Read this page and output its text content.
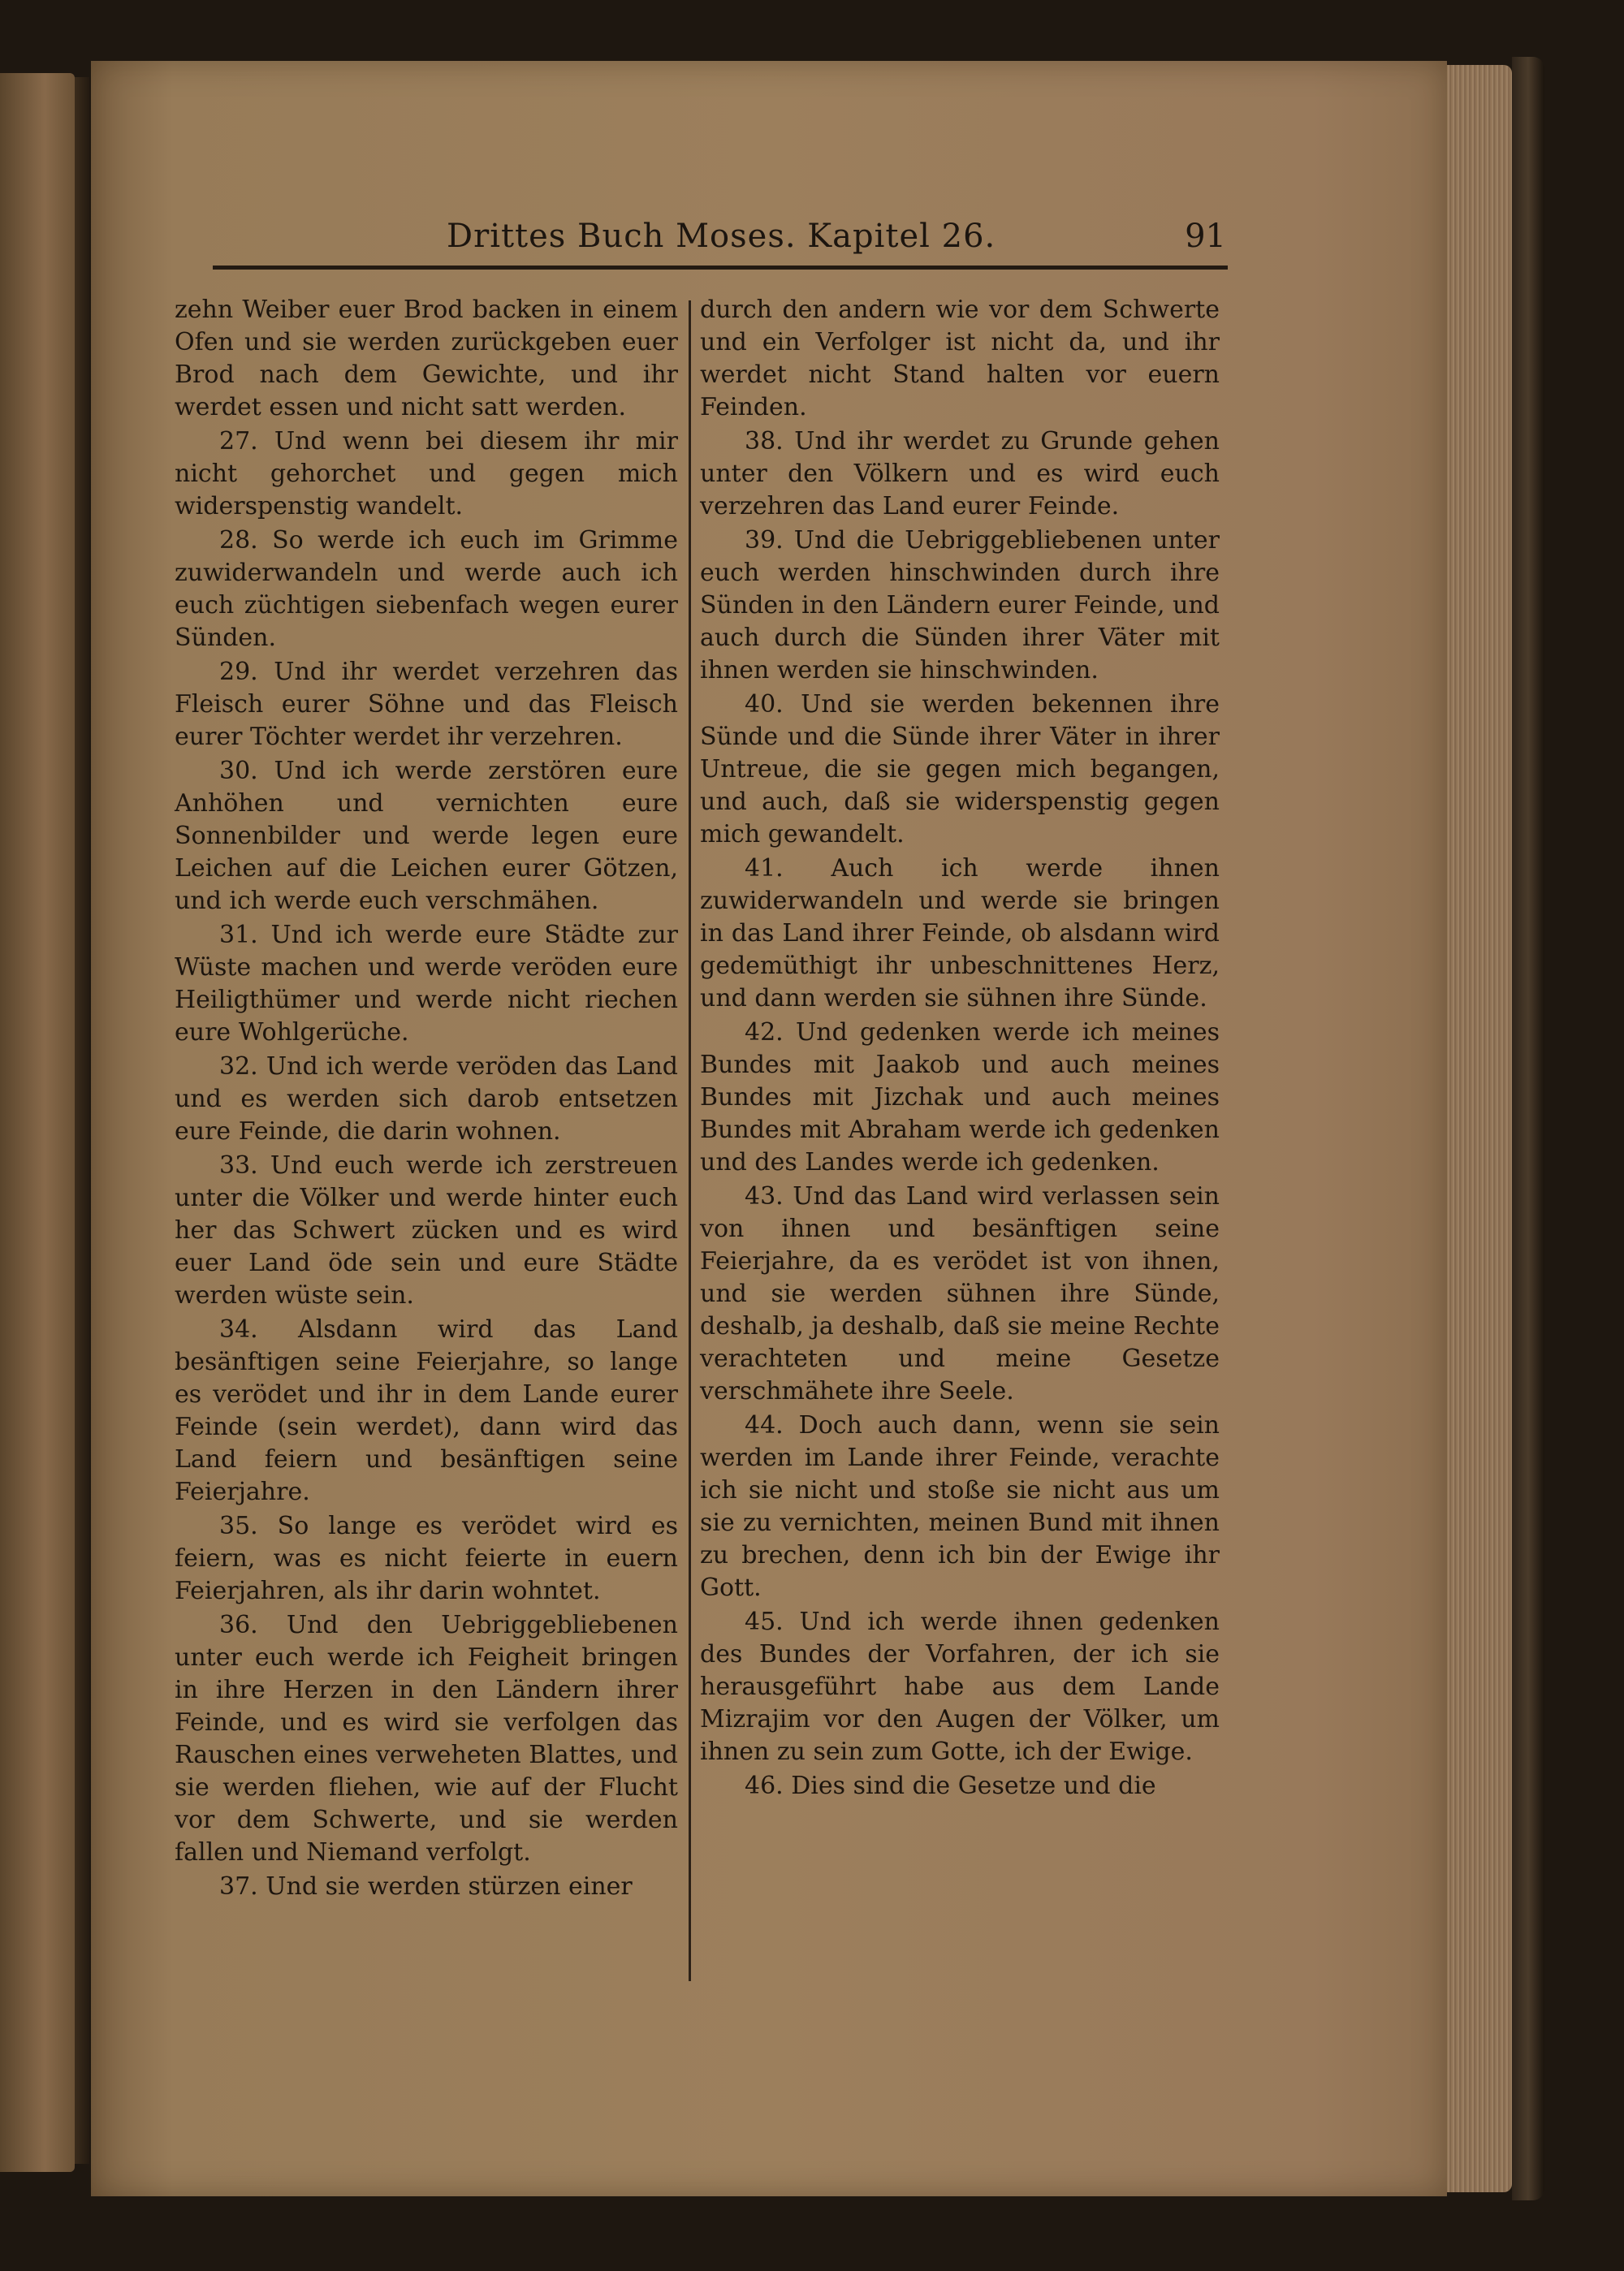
Drittes Buch Moses. Kapitel 26.	91

zehn Weiber euer Brod backen in einem Ofen und sie werden zurückgeben euer Brod nach dem Gewichte, und ihr werdet essen und nicht satt werden.

27. Und wenn bei diesem ihr mir nicht gehorchet und gegen mich widerspenstig wandelt.

28. So werde ich euch im Grimme zuwiderwandeln und werde auch ich euch züchtigen siebenfach wegen eurer Sünden.

29. Und ihr werdet verzehren das Fleisch eurer Söhne und das Fleisch eurer Töchter werdet ihr verzehren.

30. Und ich werde zerstören eure Anhöhen und vernichten eure Sonnenbilder und werde legen eure Leichen auf die Leichen eurer Götzen, und ich werde euch verschmähen.

31. Und ich werde eure Städte zur Wüste machen und werde veröden eure Heiligthümer und werde nicht riechen eure Wohlgerüche.

32. Und ich werde veröden das Land und es werden sich darob entsetzen eure Feinde, die darin wohnen.

33. Und euch werde ich zerstreuen unter die Völker und werde hinter euch her das Schwert zücken und es wird euer Land öde sein und eure Städte werden wüste sein.

34. Alsdann wird das Land besänftigen seine Feierjahre, so lange es verödet und ihr in dem Lande eurer Feinde (sein werdet), dann wird das Land feiern und besänftigen seine Feierjahre.

35. So lange es verödet wird es feiern, was es nicht feierte in euern Feierjahren, als ihr darin wohntet.

36. Und den Uebriggebliebenen unter euch werde ich Feigheit bringen in ihre Herzen in den Ländern ihrer Feinde, und es wird sie verfolgen das Rauschen eines verweheten Blattes, und sie werden fliehen, wie auf der Flucht vor dem Schwerte, und sie werden fallen und Niemand verfolgt.

37. Und sie werden stürzen einer

durch den andern wie vor dem Schwerte und ein Verfolger ist nicht da, und ihr werdet nicht Stand halten vor euern Feinden.

38. Und ihr werdet zu Grunde gehen unter den Völkern und es wird euch verzehren das Land eurer Feinde.

39. Und die Uebriggebliebenen unter euch werden hinschwinden durch ihre Sünden in den Ländern eurer Feinde, und auch durch die Sünden ihrer Väter mit ihnen werden sie hinschwinden.

40. Und sie werden bekennen ihre Sünde und die Sünde ihrer Väter in ihrer Untreue, die sie gegen mich begangen, und auch, daß sie widerspenstig gegen mich gewandelt.

41. Auch ich werde ihnen zuwiderwandeln und werde sie bringen in das Land ihrer Feinde, ob alsdann wird gedemüthigt ihr unbeschnittenes Herz, und dann werden sie sühnen ihre Sünde.

42. Und gedenken werde ich meines Bundes mit Jaakob und auch meines Bundes mit Jizchak und auch meines Bundes mit Abraham werde ich gedenken und des Landes werde ich gedenken.

43. Und das Land wird verlassen sein von ihnen und besänftigen seine Feierjahre, da es verödet ist von ihnen, und sie werden sühnen ihre Sünde, deshalb, ja deshalb, daß sie meine Rechte verachteten und meine Gesetze verschmähete ihre Seele.

44. Doch auch dann, wenn sie sein werden im Lande ihrer Feinde, verachte ich sie nicht und stoße sie nicht aus um sie zu vernichten, meinen Bund mit ihnen zu brechen, denn ich bin der Ewige ihr Gott.

45. Und ich werde ihnen gedenken des Bundes der Vorfahren, der ich sie herausgeführt habe aus dem Lande Mizrajim vor den Augen der Völker, um ihnen zu sein zum Gotte, ich der Ewige.

46. Dies sind die Gesetze und die
